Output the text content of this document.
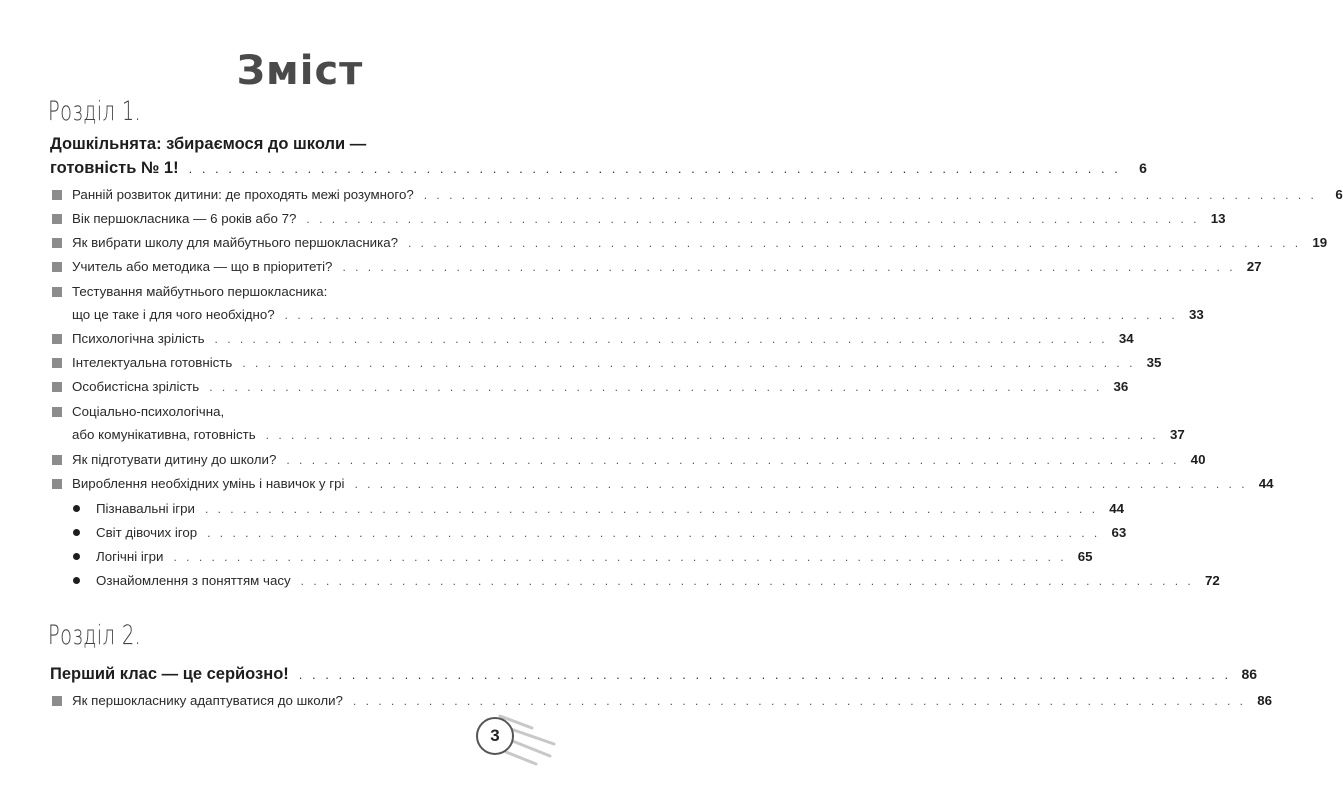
Зміст
Розділ 1.
Дошкільнята: збираємося до школи —
готовність № 1! . . . . . . . . . . . . . . . . . . . . . . . . . . . . . . . . . . . . . . . . . . . . . . . . . . . . . . . . . . . . . . . . . . . . . . .	6
Ранній розвиток дитини: де проходять межі розумного? . . . . . . . . . . . . . . . . . . . . . . . . . . . . . . . . . . . . . . . . . . . . . . . . . . . . . . . . . . . . . . . . . . . . . . .	6
Вік першокласника — 6 років або 7? . . . . . . . . . . . . . . . . . . . . . . . . . . . . . . . . . . . . . . . . . . . . . . . . . . . . . . . . . . . . . . . . . . . . . . . 13
Як вибрати школу для майбутнього першокласника? . . . . . . . . . . . . . . . . . . . . . . . . . . . . . . . . . . . . . . . . . . . . . . . . . . . . . . . . . . . . . . . . . . . . . . . 19
Учитель або методика — що в пріоритеті? . . . . . . . . . . . . . . . . . . . . . . . . . . . . . . . . . . . . . . . . . . . . . . . . . . . . . . . . . . . . . . . . . . . . . . . 27
Тестування майбутнього першокласника:
що це таке і для чого необхідно? . . . . . . . . . . . . . . . . . . . . . . . . . . . . . . . . . . . . . . . . . . . . . . . . . . . . . . . . . . . . . . . . . . . . . . . 33
Психологічна зрілість . . . . . . . . . . . . . . . . . . . . . . . . . . . . . . . . . . . . . . . . . . . . . . . . . . . . . . . . . . . . . . . . . . . . . . . 34
Інтелектуальна готовність . . . . . . . . . . . . . . . . . . . . . . . . . . . . . . . . . . . . . . . . . . . . . . . . . . . . . . . . . . . . . . . . . . . . . . . 35
Особистісна зрілість . . . . . . . . . . . . . . . . . . . . . . . . . . . . . . . . . . . . . . . . . . . . . . . . . . . . . . . . . . . . . . . . . . . . . . . 36
Соціально-психологічна,
або комунікативна, готовність . . . . . . . . . . . . . . . . . . . . . . . . . . . . . . . . . . . . . . . . . . . . . . . . . . . . . . . . . . . . . . . . . . . . . . . 37
Як підготувати дитину до школи? . . . . . . . . . . . . . . . . . . . . . . . . . . . . . . . . . . . . . . . . . . . . . . . . . . . . . . . . . . . . . . . . . . . . . . . 40
Вироблення необхідних умінь і навичок у грі . . . . . . . . . . . . . . . . . . . . . . . . . . . . . . . . . . . . . . . . . . . . . . . . . . . . . . . . . . . . . . . . . . . . . . . 44
Пізнавальні ігри . . . . . . . . . . . . . . . . . . . . . . . . . . . . . . . . . . . . . . . . . . . . . . . . . . . . . . . . . . . . . . . . . . . . . . . 44
Світ дівочих ігор . . . . . . . . . . . . . . . . . . . . . . . . . . . . . . . . . . . . . . . . . . . . . . . . . . . . . . . . . . . . . . . . . . . . . . . 63
Логічні ігри . . . . . . . . . . . . . . . . . . . . . . . . . . . . . . . . . . . . . . . . . . . . . . . . . . . . . . . . . . . . . . . . . . . . . . . 65
Ознайомлення з поняттям часу . . . . . . . . . . . . . . . . . . . . . . . . . . . . . . . . . . . . . . . . . . . . . . . . . . . . . . . . . . . . . . . . . . . . . . . 72
Розділ 2.
Перший клас — це серйозно! . . . . . . . . . . . . . . . . . . . . . . . . . . . . . . . . . . . . . . . . . . . . . . . . . . . . . . . . . . . . . . . . . . . . . . . 86
Як першокласнику адаптуватися до школи? . . . . . . . . . . . . . . . . . . . . . . . . . . . . . . . . . . . . . . . . . . . . . . . . . . . . . . . . . . . . . . . . . . . . . . . 86
3
